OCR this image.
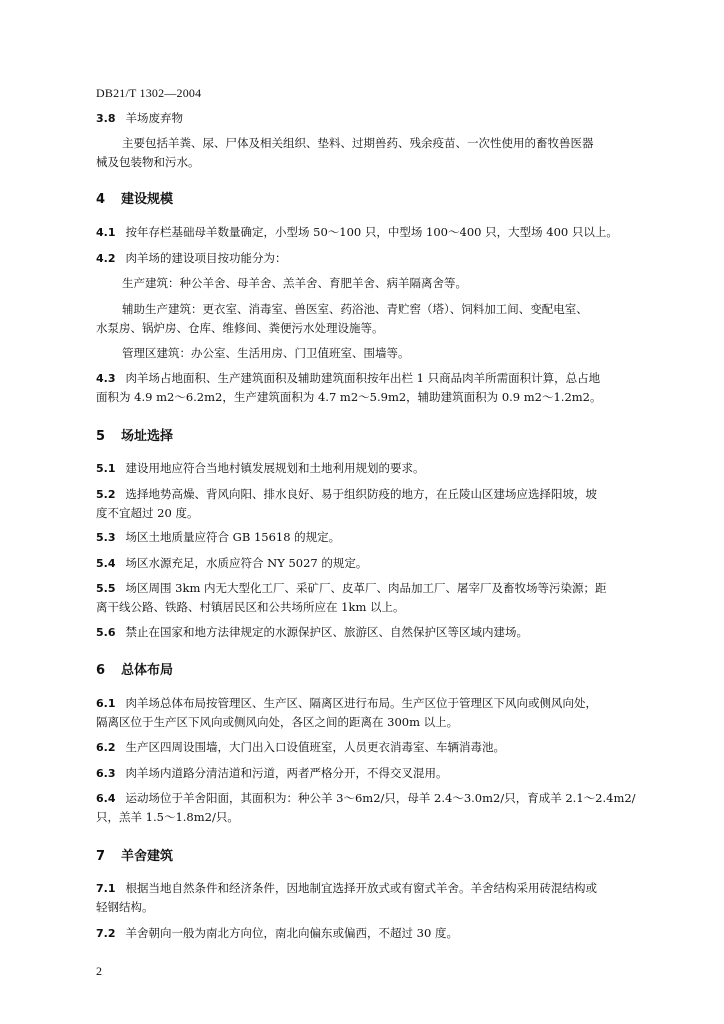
DB21/T 1302—2004
3.8 羊场废弃物
主要包括羊粪、尿、尸体及相关组织、垫料、过期兽药、残余疫苗、一次性使用的畜牧兽医器
械及包装物和污水。
4 建设规模
4.1 按年存栏基础母羊数量确定，小型场 50～100 只，中型场 100～400 只，大型场 400 只以上。
4.2 肉羊场的建设项目按功能分为：
生产建筑：种公羊舍、母羊舍、羔羊舍、育肥羊舍、病羊隔离舍等。
辅助生产建筑：更衣室、消毒室、兽医室、药浴池、青贮窖（塔）、饲料加工间、变配电室、
水泵房、锅炉房、仓库、维修间、粪便污水处理设施等。
管理区建筑：办公室、生活用房、门卫值班室、围墙等。
4.3 肉羊场占地面积、生产建筑面积及辅助建筑面积按年出栏 1 只商品肉羊所需面积计算，总占地
面积为 4.9 m2～6.2m2，生产建筑面积为 4.7 m2～5.9m2，辅助建筑面积为 0.9 m2～1.2m2。
5 场址选择
5.1 建设用地应符合当地村镇发展规划和土地利用规划的要求。
5.2 选择地势高燥、背风向阳、排水良好、易于组织防疫的地方，在丘陵山区建场应选择阳坡，坡
度不宜超过 20 度。
5.3 场区土地质量应符合 GB 15618 的规定。
5.4 场区水源充足，水质应符合 NY 5027 的规定。
5.5 场区周围 3km 内无大型化工厂、采矿厂、皮革厂、肉品加工厂、屠宰厂及畜牧场等污染源；距
离干线公路、铁路、村镇居民区和公共场所应在 1km 以上。
5.6 禁止在国家和地方法律规定的水源保护区、旅游区、自然保护区等区域内建场。
6 总体布局
6.1 肉羊场总体布局按管理区、生产区、隔离区进行布局。生产区位于管理区下风向或侧风向处，
隔离区位于生产区下风向或侧风向处，各区之间的距离在 300m 以上。
6.2 生产区四周设围墙，大门出入口设值班室，人员更衣消毒室、车辆消毒池。
6.3 肉羊场内道路分清洁道和污道，两者严格分开，不得交叉混用。
6.4 运动场位于羊舍阳面，其面积为：种公羊 3～6m2/只，母羊 2.4～3.0m2/只，育成羊 2.1～2.4m2/
只，羔羊 1.5～1.8m2/只。
7 羊舍建筑
7.1 根据当地自然条件和经济条件，因地制宜选择开放式或有窗式羊舍。羊舍结构采用砖混结构或
轻钢结构。
7.2 羊舍朝向一般为南北方向位，南北向偏东或偏西，不超过 30 度。
2
